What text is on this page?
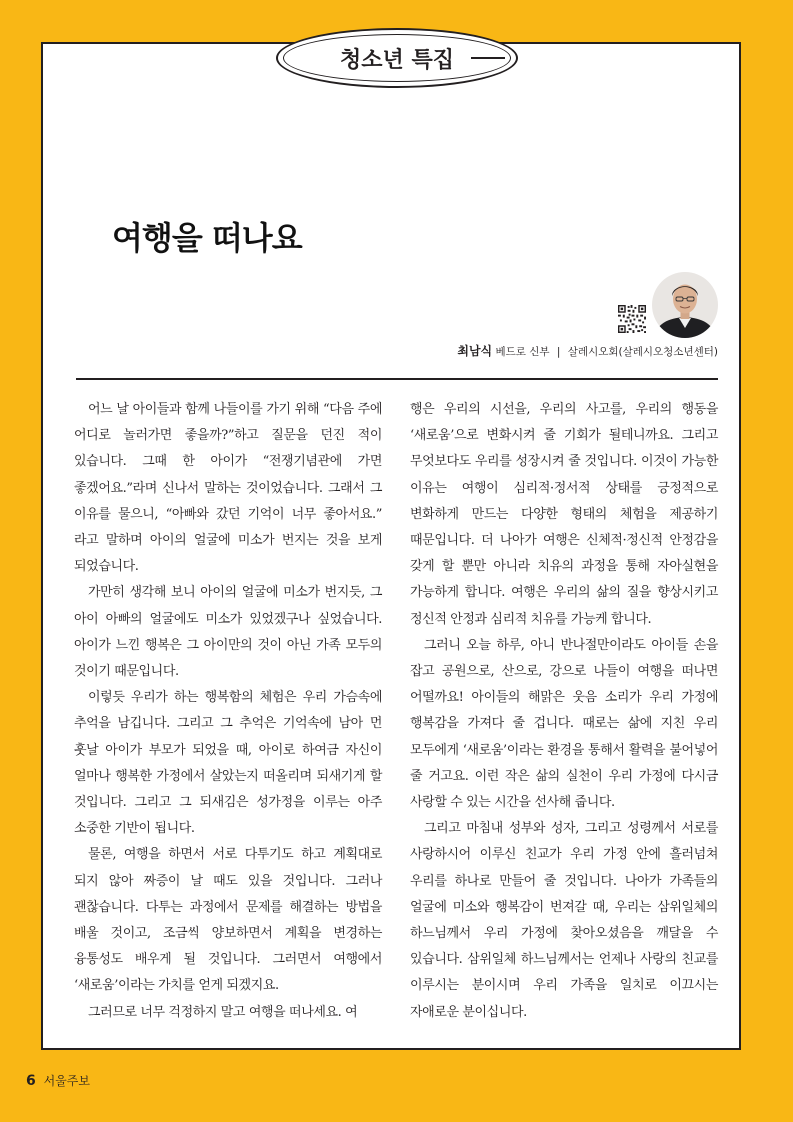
청소년 특집
여행을 떠나요
최남식 베드로 신부 | 살레시오회(살레시오청소년센터)

어느 날 아이들과 함께 나들이를 가기 위해 “다음 주에 어디로 놀러가면 좋을까?”하고 질문을 던진 적이 있습니다. 그때 한 아이가 “전쟁기념관에 가면 좋겠어요.”라며 신나서 말하는 것이었습니다. 그래서 그 이유를 물으니, “아빠와 갔던 기억이 너무 좋아서요.” 라고 말하며 아이의 얼굴에 미소가 번지는 것을 보게 되었습니다.

가만히 생각해 보니 아이의 얼굴에 미소가 번지듯, 그 아이 아빠의 얼굴에도 미소가 있었겠구나 싶었습니다. 아이가 느낀 행복은 그 아이만의 것이 아닌 가족 모두의 것이기 때문입니다.

이렇듯 우리가 하는 행복함의 체험은 우리 가슴속에 추억을 남깁니다. 그리고 그 추억은 기억속에 남아 먼 훗날 아이가 부모가 되었을 때, 아이로 하여금 자신이 얼마나 행복한 가정에서 살았는지 떠올리며 되새기게 할 것입니다. 그리고 그 되새김은 성가정을 이루는 아주 소중한 기반이 됩니다.

물론, 여행을 하면서 서로 다투기도 하고 계획대로 되지 않아 짜증이 날 때도 있을 것입니다. 그러나 괜찮습니다. 다투는 과정에서 문제를 해결하는 방법을 배울 것이고, 조금씩 양보하면서 계획을 변경하는 융통성도 배우게 될 것입니다. 그러면서 여행에서 ‘새로움’이라는 가치를 얻게 되겠지요.

그러므로 너무 걱정하지 말고 여행을 떠나세요. 여

행은 우리의 시선을, 우리의 사고를, 우리의 행동을 ‘새로움’으로 변화시켜 줄 기회가 될테니까요. 그리고 무엇보다도 우리를 성장시켜 줄 것입니다. 이것이 가능한 이유는 여행이 심리적·정서적 상태를 긍정적으로 변화하게 만드는 다양한 형태의 체험을 제공하기 때문입니다. 더 나아가 여행은 신체적·정신적 안정감을 갖게 할 뿐만 아니라 치유의 과정을 통해 자아실현을 가능하게 합니다. 여행은 우리의 삶의 질을 향상시키고 정신적 안정과 심리적 치유를 가능케 합니다.

그러니 오늘 하루, 아니 반나절만이라도 아이들 손을 잡고 공원으로, 산으로, 강으로 나들이 여행을 떠나면 어떨까요! 아이들의 해맑은 웃음 소리가 우리 가정에 행복감을 가져다 줄 겁니다. 때로는 삶에 지친 우리 모두에게 ‘새로움’이라는 환경을 통해서 활력을 불어넣어 줄 거고요. 이런 작은 삶의 실천이 우리 가정에 다시금 사랑할 수 있는 시간을 선사해 줍니다.

그리고 마침내 성부와 성자, 그리고 성령께서 서로를 사랑하시어 이루신 친교가 우리 가정 안에 흘러넘쳐 우리를 하나로 만들어 줄 것입니다. 나아가 가족들의 얼굴에 미소와 행복감이 번져갈 때, 우리는 삼위일체의 하느님께서 우리 가정에 찾아오셨음을 깨달을 수 있습니다. 삼위일체 하느님께서는 언제나 사랑의 친교를 이루시는 분이시며 우리 가족을 일치로 이끄시는 자애로운 분이십니다.

6 서울주보
